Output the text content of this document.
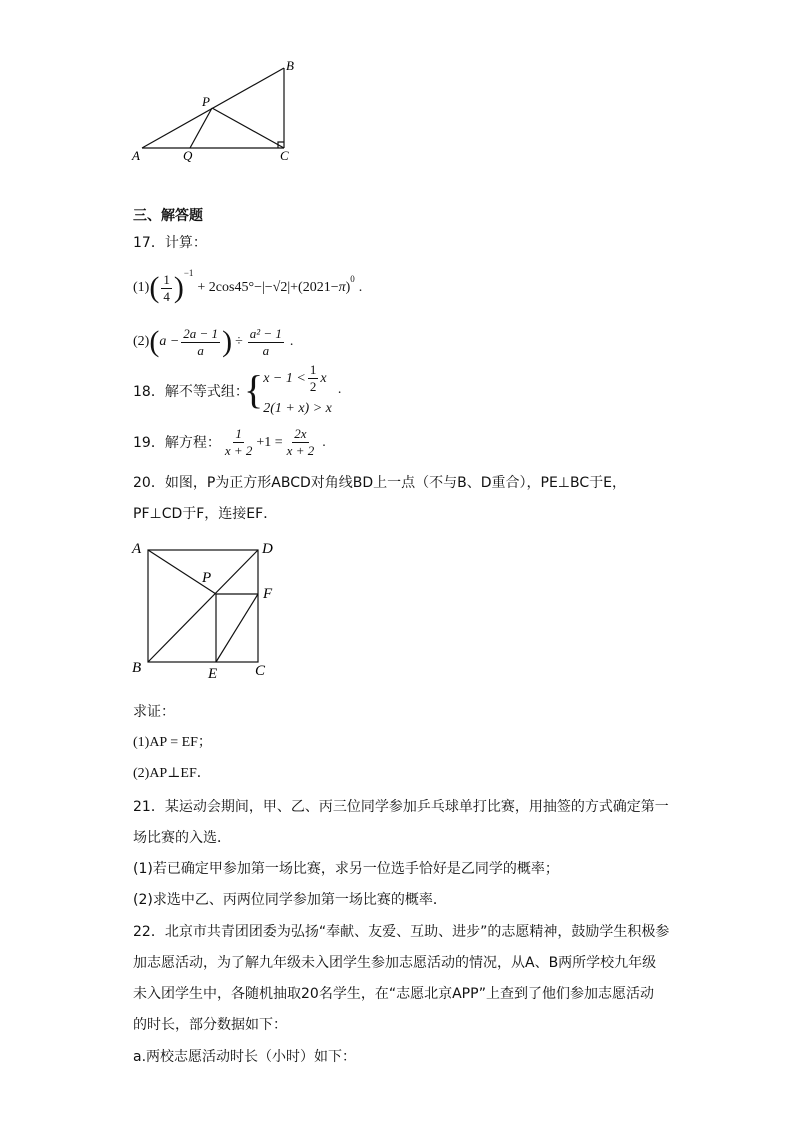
B
P
A	Q	C
三、解答题
17．计算：
(1) ( $\frac{1}{4} )^{-1}$
+ 2cos45°−|− √2 |+(2021− π )
$^0$
.
(2) ( $a - \frac{2a - 1}{a}$ ) ÷ $\frac{\text{a² − 1}}{a}$ .
18．解不等式组：
{ $x - 1 < \frac{1}{2}$ x
2(1 + x) > x
.
19．解方程： $\frac{1}{x + 2} +1 = \frac{2x}{x + 2}$ .
20．如图，P为正方形ABCD对角线BD上一点（不与B、D重合），PE⊥BC于E，
PF⊥CD于F，连接EF．
A	D
P
F
B	E	C
求证：
(1)AP = EF；
(2)AP⊥EF．
21．某运动会期间，甲、乙、丙三位同学参加乒乓球单打比赛，用抽签的方式确定第一
场比赛的入选．
(1)若已确定甲参加第一场比赛，求另一位选手恰好是乙同学的概率；
(2)求选中乙、丙两位同学参加第一场比赛的概率．
22．北京市共青团团委为弘扬“奉献、友爱、互助、进步”的志愿精神，鼓励学生积极参
加志愿活动，为了解九年级未入团学生参加志愿活动的情况，从A、B两所学校九年级
未入团学生中，各随机抽取20名学生，在“志愿北京APP”上查到了他们参加志愿活动
的时长，部分数据如下：
a.两校志愿活动时长（小时）如下：
